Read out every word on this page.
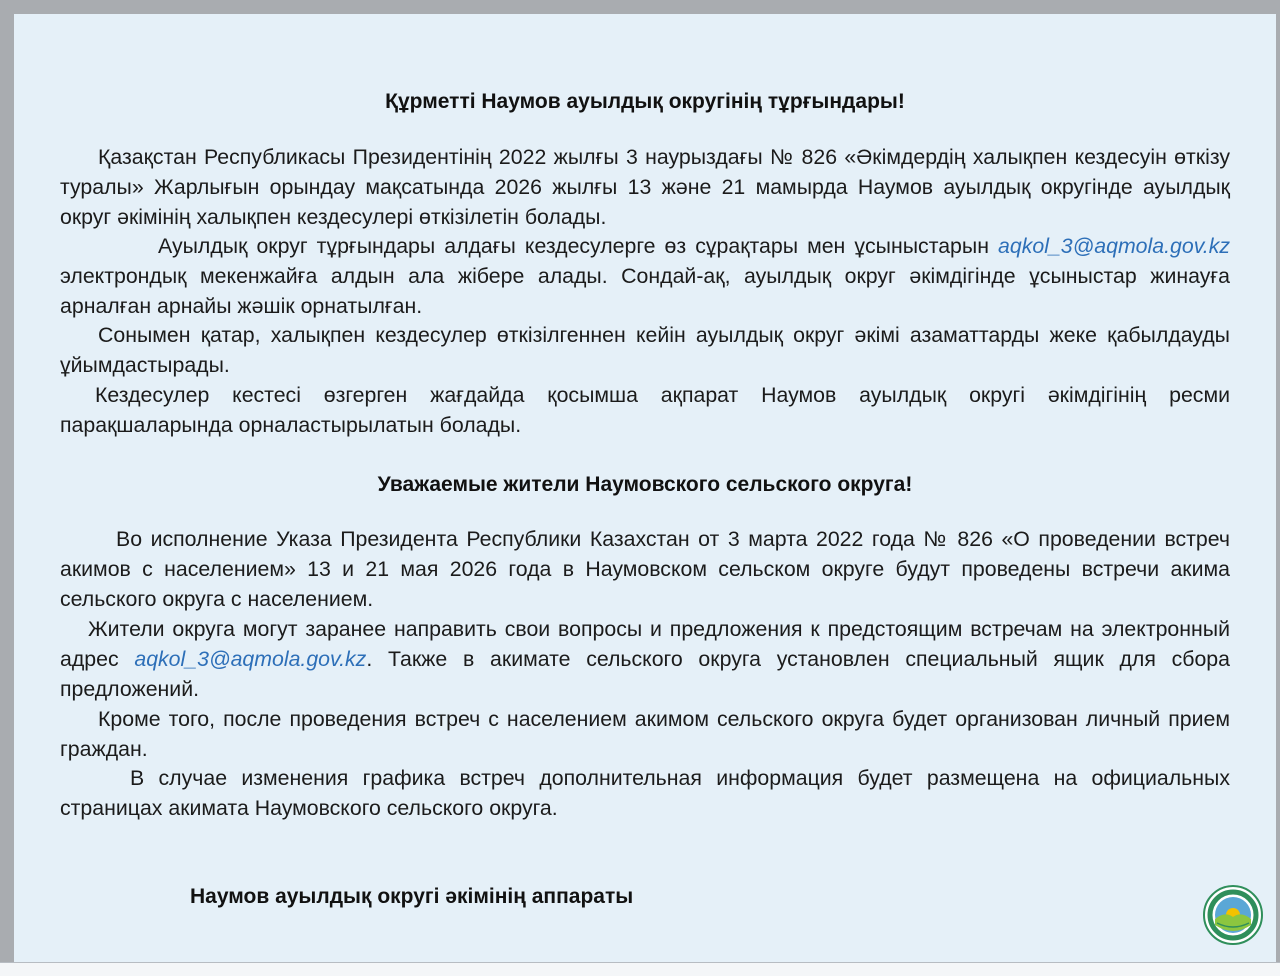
Құрметті Наумов ауылдық округінің тұрғындары!

Қазақстан Республикасы Президентінің 2022 жылғы 3 наурыздағы № 826 «Әкімдердің халықпен кездесуін өткізу туралы» Жарлығын орындау мақсатында 2026 жылғы 13 және 21 мамырда Наумов ауылдық округінде ауылдық округ әкімінің халықпен кездесулері өткізілетін болады.

Ауылдық округ тұрғындары алдағы кездесулерге өз сұрақтары мен ұсыныстарын aqkol_3@aqmola.gov.kz электрондық мекенжайға алдын ала жібере алады. Сондай-ақ, ауылдық округ әкімдігінде ұсыныстар жинауға арналған арнайы жәшік орнатылған.

Сонымен қатар, халықпен кездесулер өткізілгеннен кейін ауылдық округ әкімі азаматтарды жеке қабылдауды ұйымдастырады.

Кездесулер кестесі өзгерген жағдайда қосымша ақпарат Наумов ауылдық округі әкімдігінің ресми парақшаларында орналастырылатын болады.

Уважаемые жители Наумовского сельского округа!

Во исполнение Указа Президента Республики Казахстан от 3 марта 2022 года № 826 «О проведении встреч акимов с населением» 13 и 21 мая 2026 года в Наумовском сельском округе будут проведены встречи акима сельского округа с населением.

Жители округа могут заранее направить свои вопросы и предложения к предстоящим встречам на электронный адрес aqkol_3@aqmola.gov.kz. Также в акимате сельского округа установлен специальный ящик для сбора предложений.

Кроме того, после проведения встреч с населением акимом сельского округа будет организован личный прием граждан.

В случае изменения графика встреч дополнительная информация будет размещена на официальных страницах акимата Наумовского сельского округа.

Наумов ауылдық округі әкімінің аппараты
